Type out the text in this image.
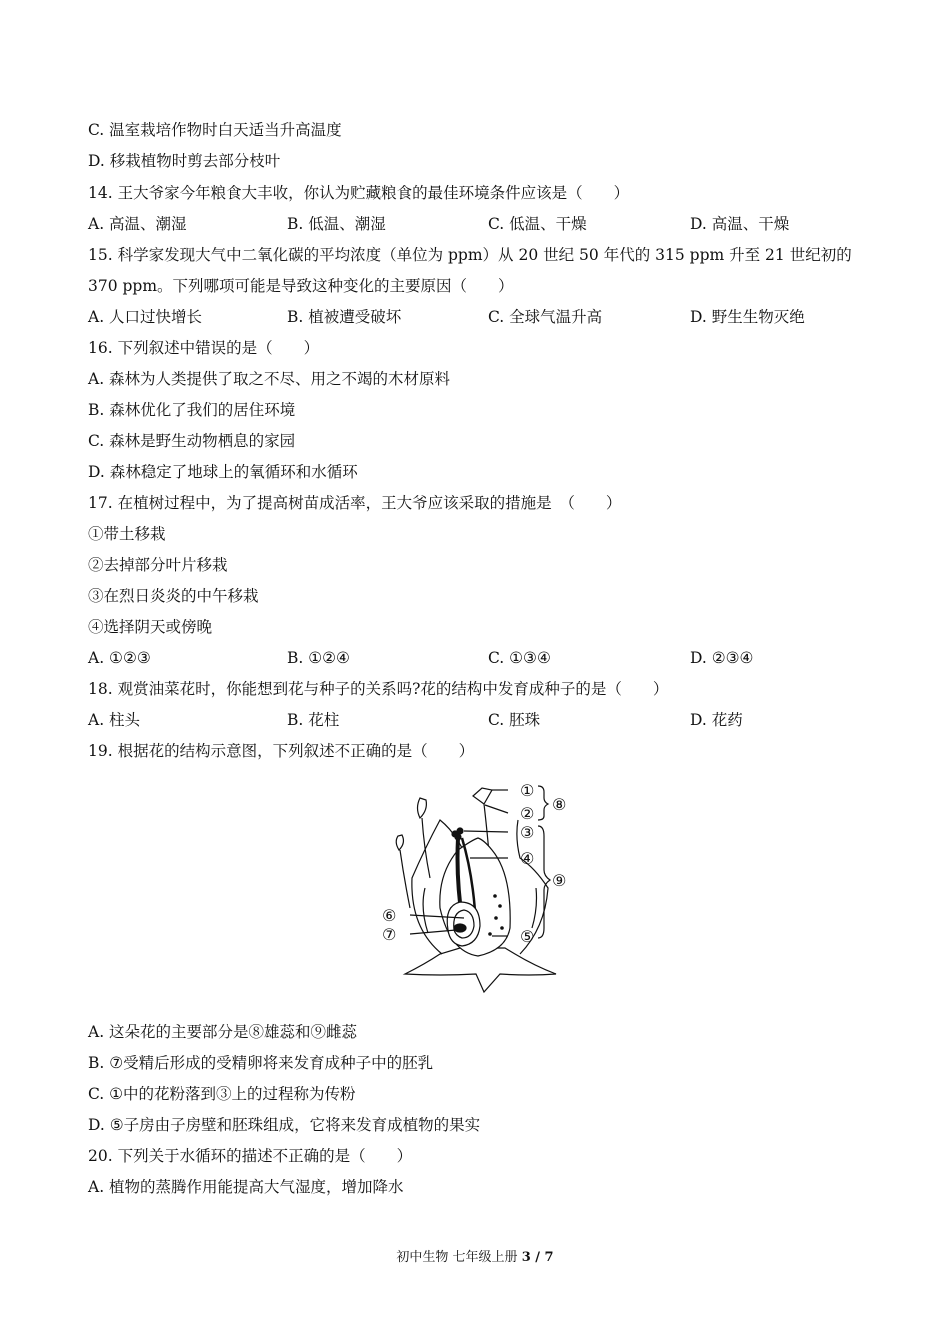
C. 温室栽培作物时白天适当升高温度
D. 移栽植物时剪去部分枝叶
14. 王大爷家今年粮食大丰收，你认为贮藏粮食的最佳环境条件应该是（　　）
A. 高温、潮湿	B. 低温、潮湿	C. 低温、干燥	D. 高温、干燥
15. 科学家发现大气中二氧化碳的平均浓度（单位为 ppm）从 20 世纪 50 年代的 315 ppm 升至 21 世纪初的
370 ppm。下列哪项可能是导致这种变化的主要原因（　　）
A. 人口过快增长	B. 植被遭受破坏	C. 全球气温升高	D. 野生生物灭绝
16. 下列叙述中错误的是（　　）
A. 森林为人类提供了取之不尽、用之不竭的木材原料
B. 森林优化了我们的居住环境
C. 森林是野生动物栖息的家园
D. 森林稳定了地球上的氧循环和水循环
17. 在植树过程中，为了提高树苗成活率，王大爷应该采取的措施是　（　　）
①带土移栽
②去掉部分叶片移栽
③在烈日炎炎的中午移栽
④选择阴天或傍晚
A. ①②③	B. ①②④	C. ①③④	D. ②③④
18. 观赏油菜花时，你能想到花与种子的关系吗?花的结构中发育成种子的是（　　）
A. 柱头	B. 花柱	C. 胚珠	D. 花药
19. 根据花的结构示意图，下列叙述不正确的是（　　）
①
②
③
④
⑤
⑥
⑦
⑧
⑨
A. 这朵花的主要部分是⑧雄蕊和⑨雌蕊
B. ⑦受精后形成的受精卵将来发育成种子中的胚乳
C. ①中的花粉落到③上的过程称为传粉
D. ⑤子房由子房壁和胚珠组成，它将来发育成植物的果实
20. 下列关于水循环的描述不正确的是（　　）
A. 植物的蒸腾作用能提高大气湿度，增加降水
初中生物 七年级上册 3 / 7
